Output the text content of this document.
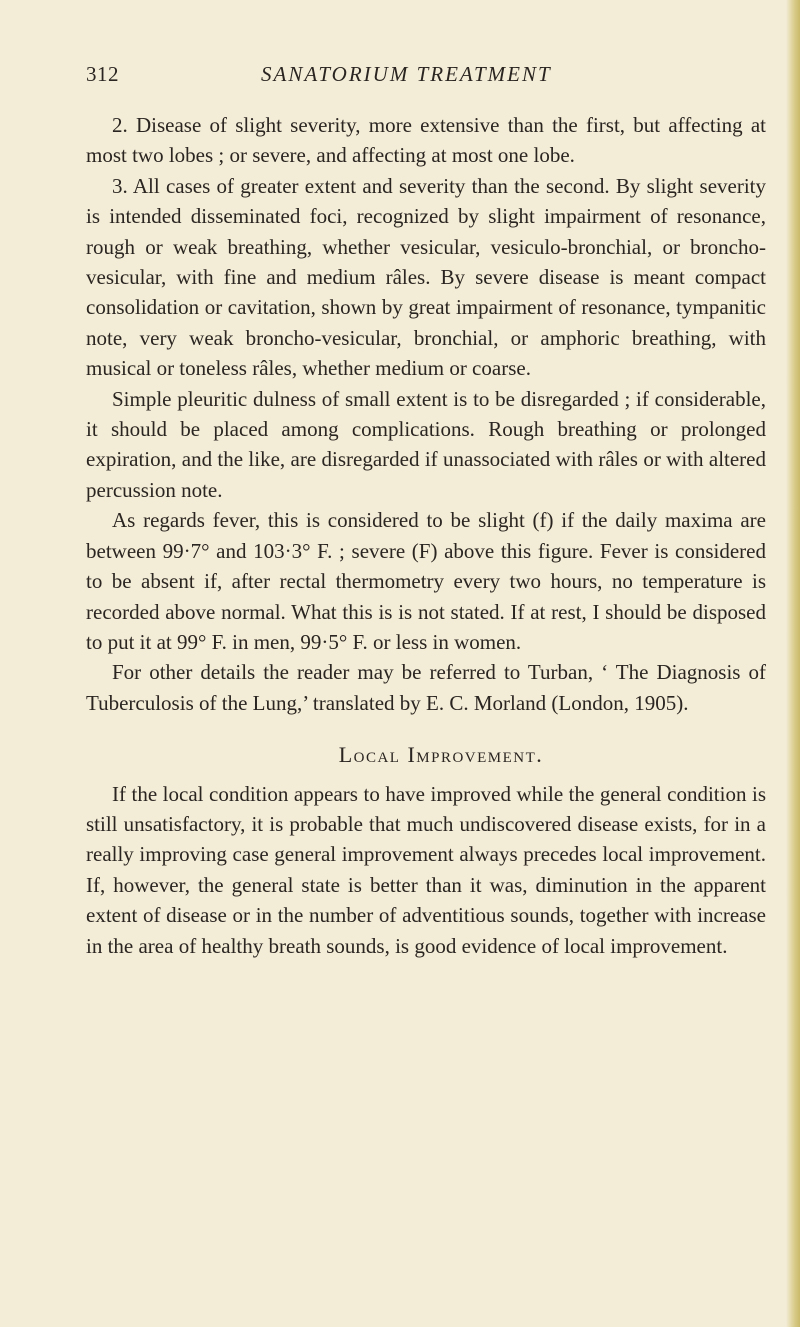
312	SANATORIUM TREATMENT

2. Disease of slight severity, more extensive than the first, but affecting at most two lobes ; or severe, and affecting at most one lobe.

3. All cases of greater extent and severity than the second. By slight severity is intended disseminated foci, recognized by slight impairment of resonance, rough or weak breathing, whether vesicular, vesiculo-bronchial, or broncho-vesicular, with fine and medium râles. By severe disease is meant compact consolidation or cavitation, shown by great impairment of resonance, tympanitic note, very weak broncho-vesicular, bronchial, or amphoric breathing, with musical or toneless râles, whether medium or coarse.

Simple pleuritic dulness of small extent is to be disregarded ; if considerable, it should be placed among complications. Rough breathing or prolonged expiration, and the like, are disregarded if unassociated with râles or with altered percussion note.

As regards fever, this is considered to be slight (f) if the daily maxima are between 99·7° and 103·3° F. ; severe (F) above this figure. Fever is considered to be absent if, after rectal thermometry every two hours, no temperature is recorded above normal. What this is is not stated. If at rest, I should be disposed to put it at 99° F. in men, 99·5° F. or less in women.

For other details the reader may be referred to Turban, ‘ The Diagnosis of Tuberculosis of the Lung,’ translated by E. C. Morland (London, 1905).

Local Improvement.

If the local condition appears to have improved while the general condition is still unsatisfactory, it is probable that much undiscovered disease exists, for in a really improving case general improvement always precedes local improvement. If, however, the general state is better than it was, diminution in the apparent extent of disease or in the number of adventitious sounds, together with increase in the area of healthy breath sounds, is good evidence of local improvement.
